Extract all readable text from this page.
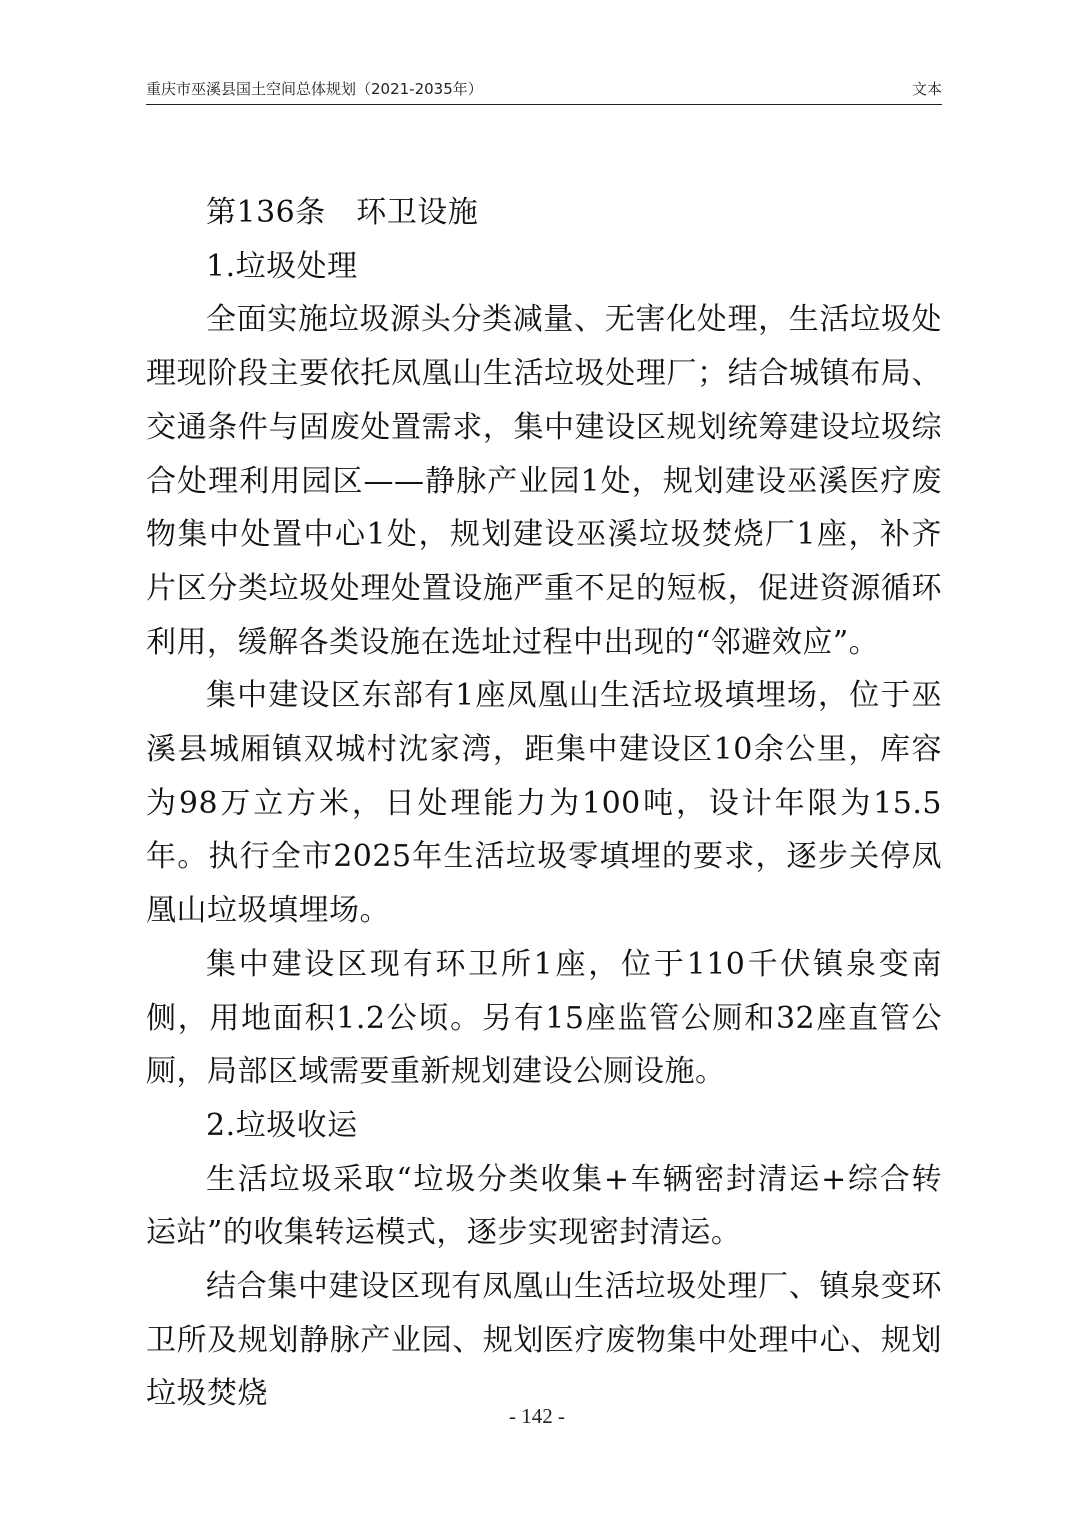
重庆市巫溪县国土空间总体规划（2021-2035年）	文本

第136条　环卫设施

1.垃圾处理

全面实施垃圾源头分类减量、无害化处理，生活垃圾处理现阶段主要依托凤凰山生活垃圾处理厂；结合城镇布局、交通条件与固废处置需求，集中建设区规划统筹建设垃圾综合处理利用园区——静脉产业园1处，规划建设巫溪医疗废物集中处置中心1处，规划建设巫溪垃圾焚烧厂1座，补齐片区分类垃圾处理处置设施严重不足的短板，促进资源循环利用，缓解各类设施在选址过程中出现的“邻避效应”。

集中建设区东部有1座凤凰山生活垃圾填埋场，位于巫溪县城厢镇双城村沈家湾，距集中建设区10余公里，库容为98万立方米，日处理能力为100吨，设计年限为15.5年。执行全市2025年生活垃圾零填埋的要求，逐步关停凤凰山垃圾填埋场。

集中建设区现有环卫所1座，位于110千伏镇泉变南侧，用地面积1.2公顷。另有15座监管公厕和32座直管公厕，局部区域需要重新规划建设公厕设施。

2.垃圾收运

生活垃圾采取“垃圾分类收集+车辆密封清运+综合转运站”的收集转运模式，逐步实现密封清运。

结合集中建设区现有凤凰山生活垃圾处理厂、镇泉变环卫所及规划静脉产业园、规划医疗废物集中处理中心、规划垃圾焚烧

- 142 -
